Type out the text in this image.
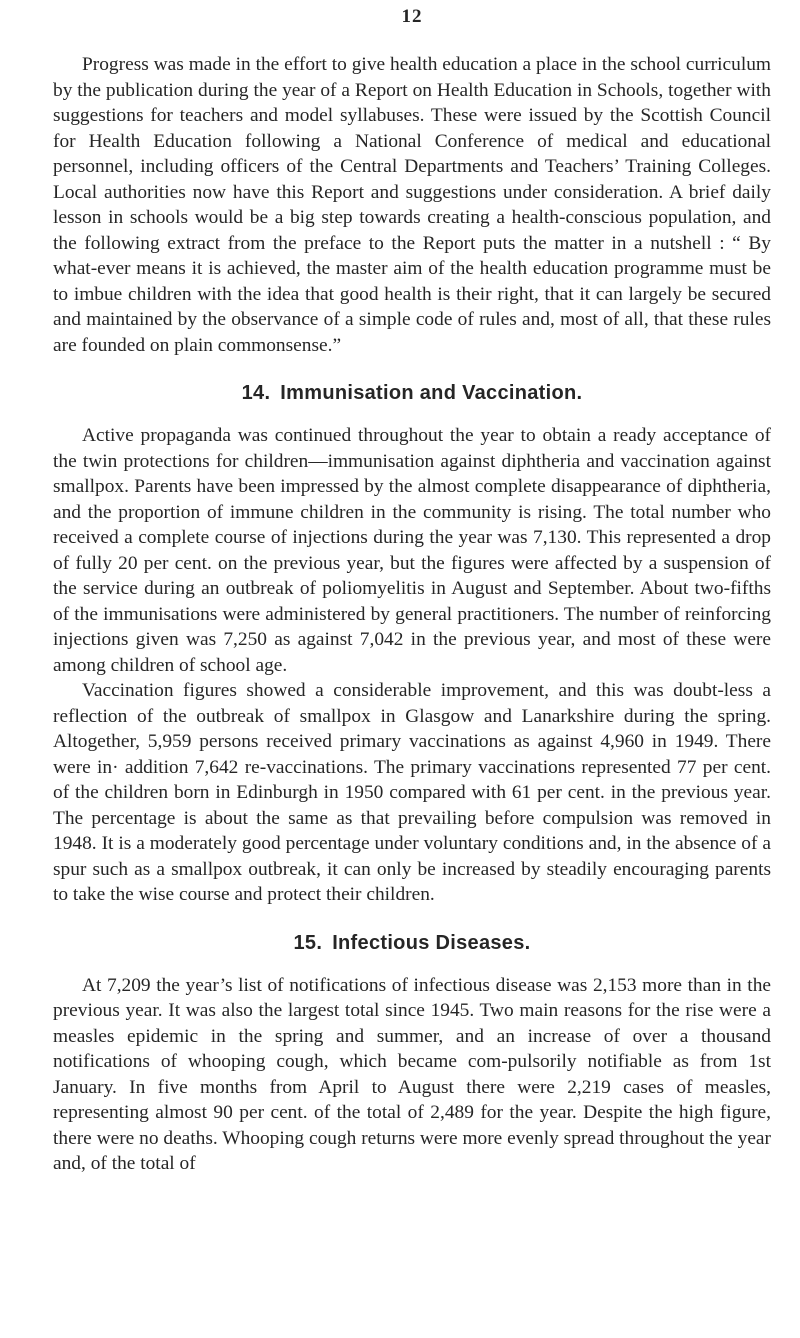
12

Progress was made in the effort to give health education a place in the school curriculum by the publication during the year of a Report on Health Education in Schools, together with suggestions for teachers and model syllabuses. These were issued by the Scottish Council for Health Education following a National Conference of medical and educational personnel, including officers of the Central Departments and Teachers’ Training Colleges. Local authorities now have this Report and suggestions under consideration. A brief daily lesson in schools would be a big step towards creating a health-conscious population, and the following extract from the preface to the Report puts the matter in a nutshell : “ By what-ever means it is achieved, the master aim of the health education programme must be to imbue children with the idea that good health is their right, that it can largely be secured and maintained by the observance of a simple code of rules and, most of all, that these rules are founded on plain commonsense.”

14. Immunisation and Vaccination.

Active propaganda was continued throughout the year to obtain a ready acceptance of the twin protections for children—immunisation against diphtheria and vaccination against smallpox. Parents have been impressed by the almost complete disappearance of diphtheria, and the proportion of immune children in the community is rising. The total number who received a complete course of injections during the year was 7,130. This represented a drop of fully 20 per cent. on the previous year, but the figures were affected by a suspension of the service during an outbreak of poliomyelitis in August and September. About two-fifths of the immunisations were administered by general practitioners. The number of reinforcing injections given was 7,250 as against 7,042 in the previous year, and most of these were among children of school age.

Vaccination figures showed a considerable improvement, and this was doubt-less a reflection of the outbreak of smallpox in Glasgow and Lanarkshire during the spring. Altogether, 5,959 persons received primary vaccinations as against 4,960 in 1949. There were in· addition 7,642 re-vaccinations. The primary vaccinations represented 77 per cent. of the children born in Edinburgh in 1950 compared with 61 per cent. in the previous year. The percentage is about the same as that prevailing before compulsion was removed in 1948. It is a moderately good percentage under voluntary conditions and, in the absence of a spur such as a smallpox outbreak, it can only be increased by steadily encouraging parents to take the wise course and protect their children.

15. Infectious Diseases.

At 7,209 the year’s list of notifications of infectious disease was 2,153 more than in the previous year. It was also the largest total since 1945. Two main reasons for the rise were a measles epidemic in the spring and summer, and an increase of over a thousand notifications of whooping cough, which became com-pulsorily notifiable as from 1st January. In five months from April to August there were 2,219 cases of measles, representing almost 90 per cent. of the total of 2,489 for the year. Despite the high figure, there were no deaths. Whooping cough returns were more evenly spread throughout the year and, of the total of
